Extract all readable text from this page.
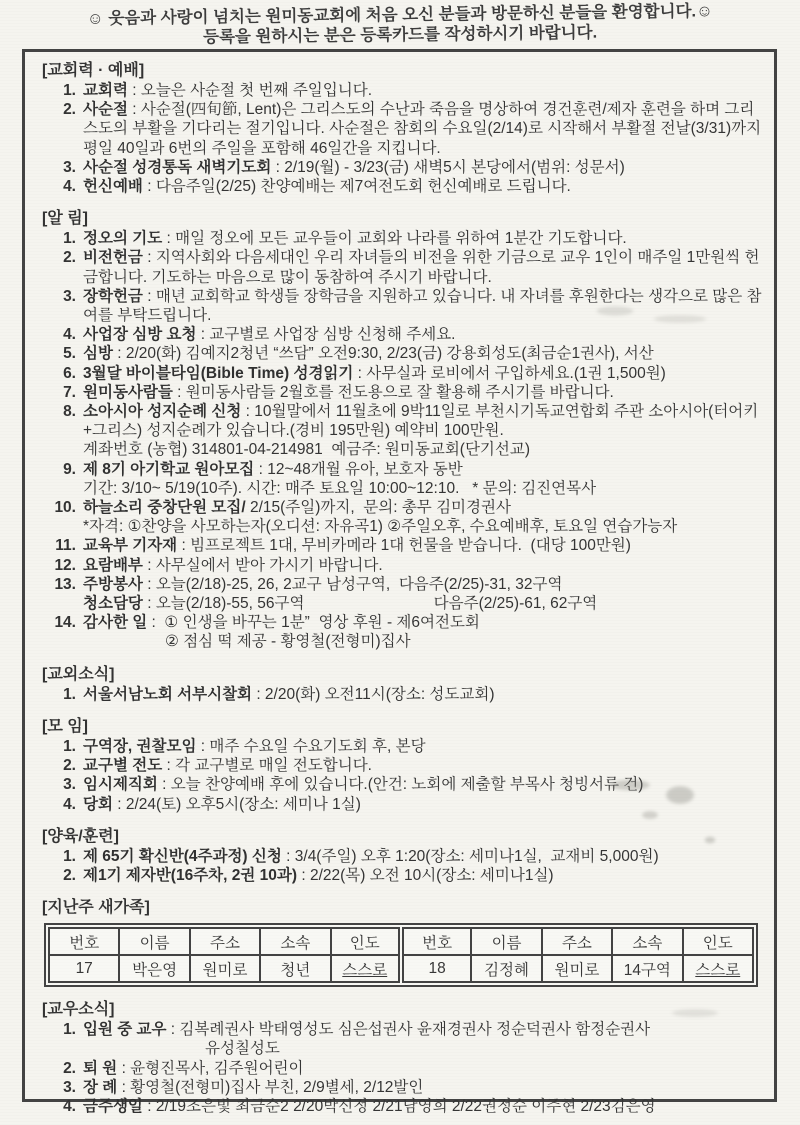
☺ 웃음과 사랑이 넘치는 원미동교회에 처음 오신 분들과 방문하신 분들을 환영합니다.☺
등록을 원하시는 분은 등록카드를 작성하시기 바랍니다.
[교회력 · 예배]
1. 교회력 : 오늘은 사순절 첫 번째 주일입니다.
2. 사순절 : 사순절(四旬節, Lent)은 그리스도의 수난과 죽음을 명상하여 경건훈련/제자 훈련을 하며 그리스도의 부활을 기다리는 절기입니다. 사순절은 참회의 수요일(2/14)로 시작해서 부활절 전날(3/31)까지 평일 40일과 6번의 주일을 포함해 46일간을 지킵니다.
3. 사순절 성경통독 새벽기도회 : 2/19(월) - 3/23(금) 새벽5시 본당에서(범위: 성문서)
4. 헌신예배 : 다음주일(2/25) 찬양예배는 제7여전도회 헌신예배로 드립니다.
[알 림]
1. 정오의 기도 : 매일 정오에 모든 교우들이 교회와 나라를 위하여 1분간 기도합니다.
2. 비전헌금 : 지역사회와 다음세대인 우리 자녀들의 비전을 위한 기금으로 교우 1인이 매주일 1만원씩 헌금합니다. 기도하는 마음으로 많이 동참하여 주시기 바랍니다.
3. 장학헌금 : 매년 교회학교 학생들 장학금을 지원하고 있습니다. 내 자녀를 후원한다는 생각으로 많은 참여를 부탁드립니다.
4. 사업장 심방 요청 : 교구별로 사업장 심방 신청해 주세요.
5. 심방 : 2/20(화) 김예지2청년 “쓰담” 오전9:30, 2/23(금) 강용회성도(최금순1권사), 서산
6. 3월달 바이블타임(Bible Time) 성경읽기 : 사무실과 로비에서 구입하세요.(1권 1,500원)
7. 원미동사람들 : 원미동사람들 2월호를 전도용으로 잘 활용해 주시기를 바랍니다.
8. 소아시아 성지순례 신청 : 10월말에서 11월초에 9박11일로 부천시기독교연합회 주관 소아시아(터어키+그리스) 성지순례가 있습니다.(경비 195만원) 예약비 100만원.
계좌번호 (농협) 314801-04-214981  예금주: 원미동교회(단기선교)
9. 제 8기 아기학교 원아모집 : 12~48개월 유아, 보호자 동반
기간: 3/10~ 5/19(10주). 시간: 매주 토요일 10:00~12:10.   * 문의: 김진연목사
10. 하늘소리 중창단원 모집/ 2/15(주일)까지,  문의: 총무 김미경권사
*자격: ①찬양을 사모하는자(오디션: 자유곡1) ②주일오후, 수요예배후, 토요일 연습가능자
11. 교육부 기자재 : 빔프로젝트 1대, 무비카메라 1대 헌물을 받습니다.  (대당 100만원)
12. 요람배부 : 사무실에서 받아 가시기 바랍니다.
13. 주방봉사 : 오늘(2/18)-25, 26, 2교구 남성구역,  다음주(2/25)-31, 32구역
청소담당 : 오늘(2/18)-55, 56구역                              다음주(2/25)-61, 62구역
14. 감사한 일 :  ① 인생을 바꾸는 1분”  영상 후원 - 제6여전도회
② 점심 떡 제공 - 황영철(전형미)집사
[교외소식]
1. 서울서남노회 서부시찰회 : 2/20(화) 오전11시(장소: 성도교회)
[모 임]
1. 구역장, 권찰모임 : 매주 수요일 수요기도회 후, 본당
2. 교구별 전도 : 각 교구별로 매일 전도합니다.
3. 임시제직회 : 오늘 찬양예배 후에 있습니다.(안건: 노회에 제출할 부목사 청빙서류 건)
4. 당회 : 2/24(토) 오후5시(장소: 세미나 1실)
[양육/훈련]
1. 제 65기 확신반(4주과정) 신청 : 3/4(주일) 오후 1:20(장소: 세미나1실,  교재비 5,000원)
2. 제1기 제자반(16주차, 2권 10과) : 2/22(목) 오전 10시(장소: 세미나1실)
[지난주 새가족]
번호	이름	주소	소속	인도	번호	이름	주소	소속	인도
17	박은영	원미로	청년	스스로	18	김정혜	원미로	14구역	스스로
[교우소식]
1. 입원 중 교우 : 김복례권사 박태영성도 심은섭권사 윤재경권사 정순덕권사 함정순권사
유성칠성도
2. 퇴 원 : 윤형진목사, 김주원어린이
3. 장 례 : 황영철(전형미)집사 부친, 2/9별세, 2/12발인
4. 금주생일 : 2/19조은빛 최금순2 2/20박신정 2/21남영희 2/22권정순 이주현 2/23김은영
